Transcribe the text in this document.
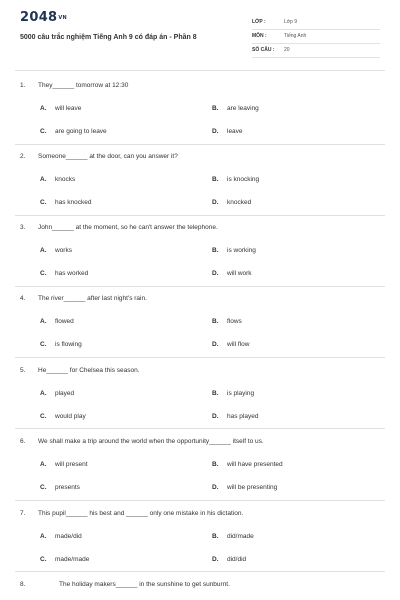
2048VN
5000 câu trắc nghiệm Tiếng Anh 9 có đáp án - Phần 8
LỚP :	Lớp 9
MÔN :	Tiếng Anh
SỐ CÂU : 20
1. They______ tomorrow at 12:30
A. will leave	B. are leaving
C. are going to leave	D. leave
2. Someone______ at the door, can you answer it?
A. knocks	B. is knocking
C. has knocked	D. knocked
3. John______ at the moment, so he can't answer the telephone.
A. works	B. is working
C. has worked	D. will work
4. The river______ after last night's rain.
A. flowed	B. flows
C. is flowing	D. will flow
5. He______ for Chelsea this season.
A. played	B. is playing
C. would play	D. has played
6. We shall make a trip around the world when the opportunity______ itself to us.
A. will present	B. will have presented
C. presents	D. will be presenting
7. This pupil______ his best and ______ only one mistake in his dictation.
A. made/did	B. did/made
C. made/made	D. did/did
8.	The holiday makers______ in the sunshine to get sunburnt.
